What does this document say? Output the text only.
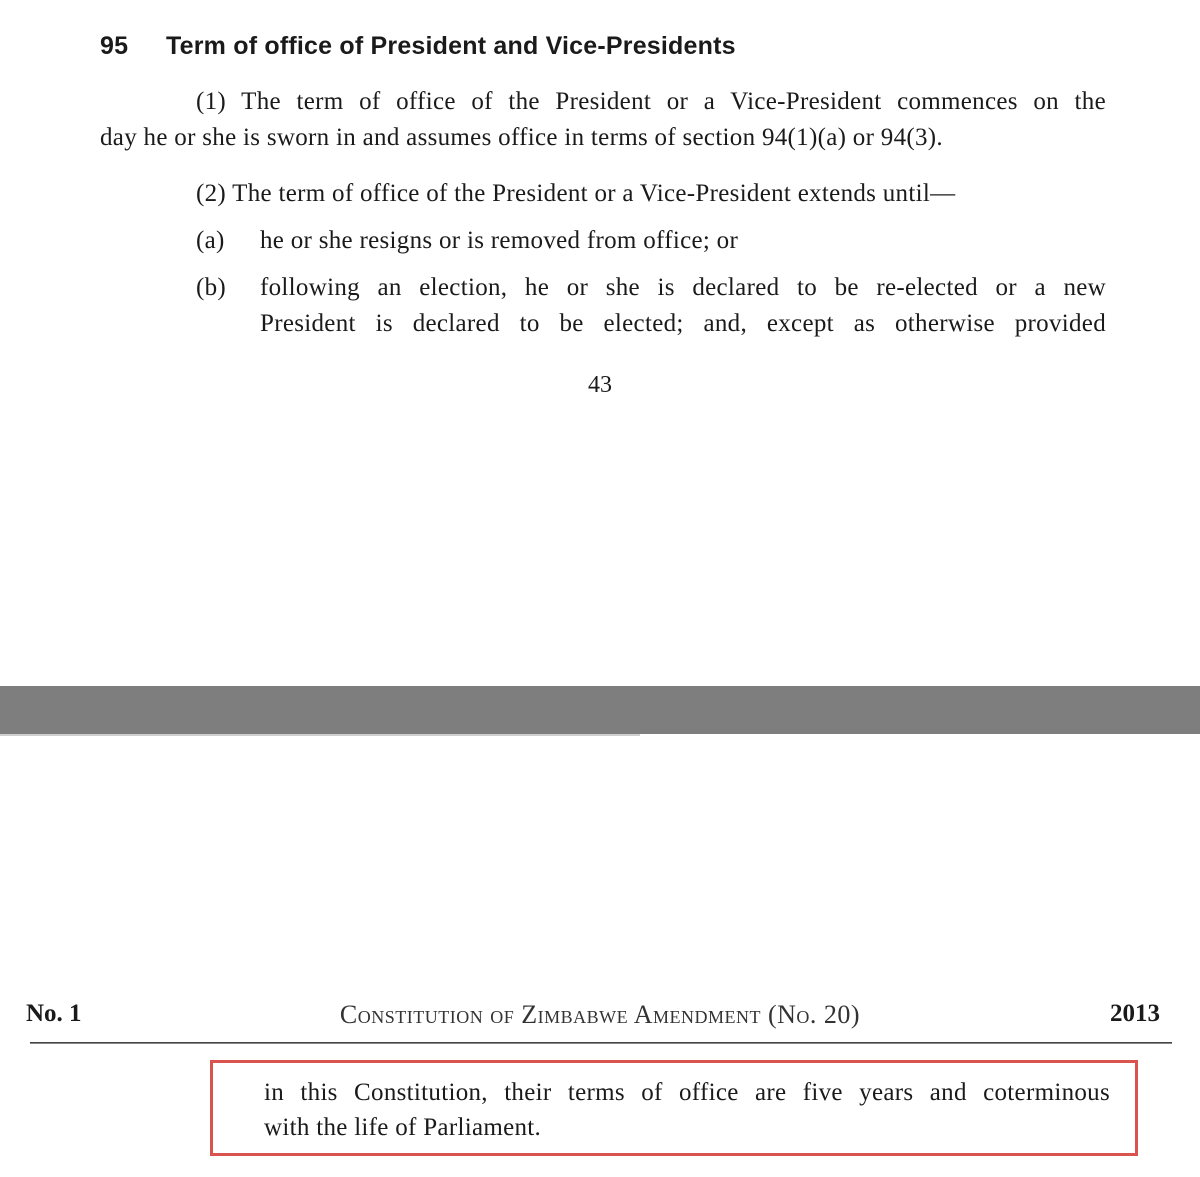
95 Term of office of President and Vice-Presidents
(1) The term of office of the President or a Vice-President commences on the
day he or she is sworn in and assumes office in terms of section 94(1)(a) or 94(3).
(2) The term of office of the President or a Vice-President extends until—
(a) he or she resigns or is removed from office; or
(b) following an election, he or she is declared to be re-elected or a new
President is declared to be elected; and, except as otherwise provided
43
No. 1	Constitution of Zimbabwe Amendment (No. 20)	2013
in this Constitution, their terms of office are five years and coterminous
with the life of Parliament.
